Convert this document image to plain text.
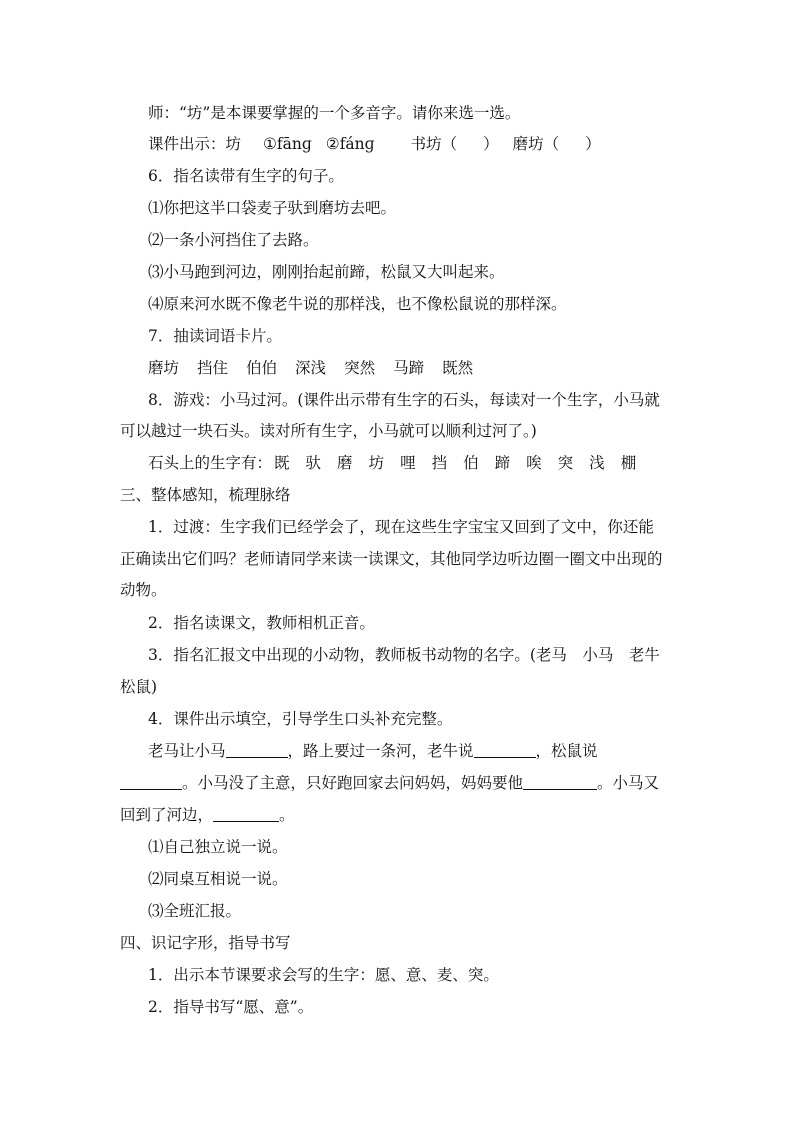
师：“坊”是本课要掌握的一个多音字。请你来选一选。
课件出示：坊 ①fānɡ ②fánɡ 书坊（ ） 磨坊（ ）
6．指名读带有生字的句子。
⑴你把这半口袋麦子驮到磨坊去吧。
⑵一条小河挡住了去路。
⑶小马跑到河边，刚刚抬起前蹄，松鼠又大叫起来。
⑷原来河水既不像老牛说的那样浅，也不像松鼠说的那样深。
7．抽读词语卡片。
磨坊 挡住 伯伯 深浅 突然 马蹄 既然
8．游戏：小马过河。(课件出示带有生字的石头，每读对一个生字，小马就
可以越过一块石头。读对所有生字，小马就可以顺利过河了。)
石头上的生字有： 既 驮 磨 坊 哩 挡 伯 蹄 唉 突 浅 棚
三、整体感知，梳理脉络
1．过渡：生字我们已经学会了，现在这些生字宝宝又回到了文中，你还能
正确读出它们吗？老师请同学来读一读课文，其他同学边听边圈一圈文中出现的
动物。
2．指名读课文，教师相机正音。
3．指名汇报文中出现的小动物，教师板书动物的名字。(老马　小马　老牛
松鼠)
4．课件出示填空，引导学生口头补充完整。
老马让小马	，路上要过一条河，老牛说	，松鼠说
。小马没了主意，只好跑回家去问妈妈，妈妈要他	。小马又
回到了河边，	。
⑴自己独立说一说。
⑵同桌互相说一说。
⑶全班汇报。
四、识记字形，指导书写
1．出示本节课要求会写的生字：愿、意、麦、突。
2．指导书写“愿、意”。
